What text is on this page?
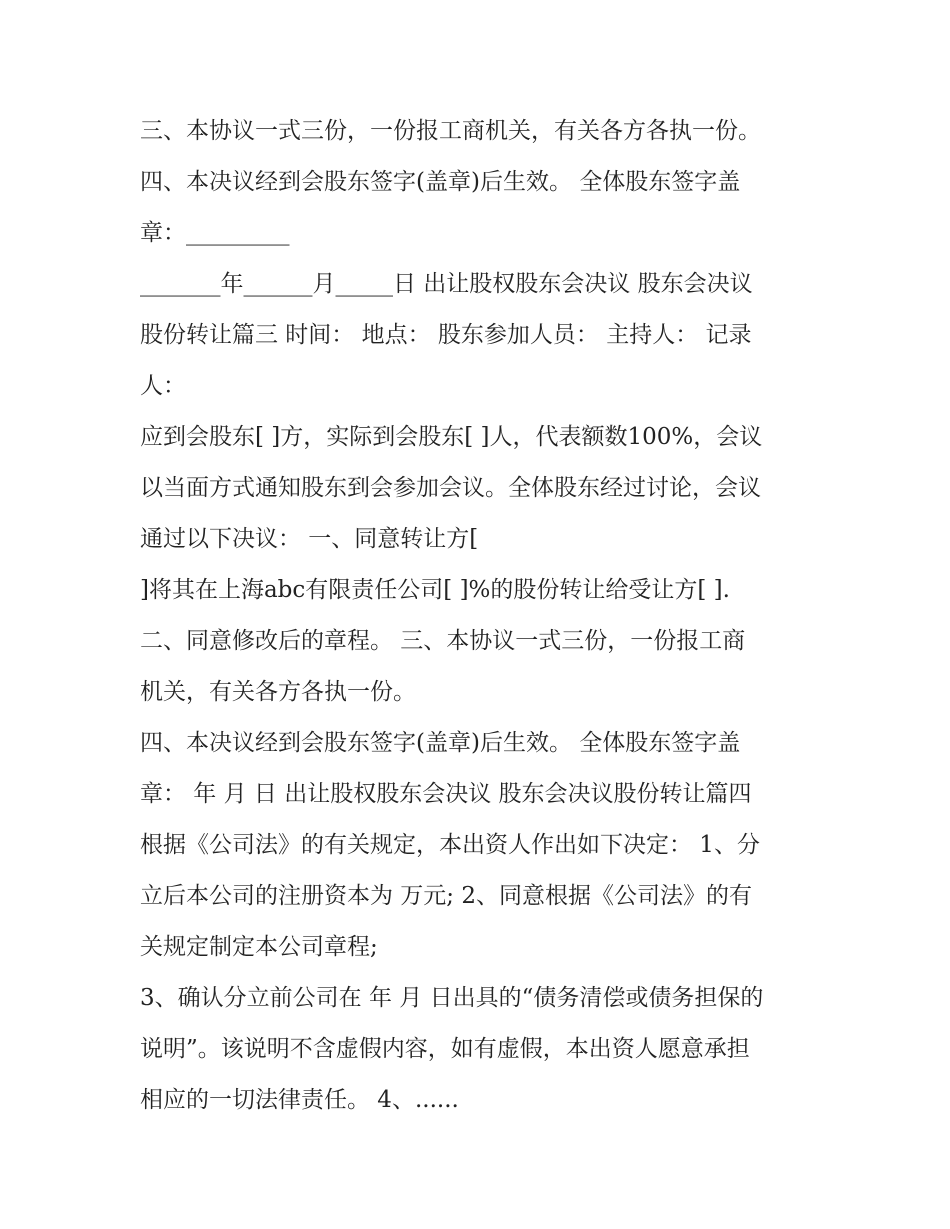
三、本协议一式三份，一份报工商机关，有关各方各执一份。
四、本决议经到会股东签字(盖章)后生效。 全体股东签字盖
章：_________
_______年______月_____日 出让股权股东会决议 股东会决议
股份转让篇三 时间： 地点： 股东参加人员： 主持人： 记录
人：
应到会股东[ ]方，实际到会股东[ ]人，代表额数100%，会议
以当面方式通知股东到会参加会议。全体股东经过讨论，会议
通过以下决议： 一、同意转让方[
]将其在上海abc有限责任公司[ ]%的股份转让给受让方[ ].
二、同意修改后的章程。 三、本协议一式三份，一份报工商
机关，有关各方各执一份。
四、本决议经到会股东签字(盖章)后生效。 全体股东签字盖
章： 年 月 日 出让股权股东会决议 股东会决议股份转让篇四
根据《公司法》的有关规定，本出资人作出如下决定： 1、分
立后本公司的注册资本为 万元; 2、同意根据《公司法》的有
关规定制定本公司章程;
3、确认分立前公司在 年 月 日出具的“债务清偿或债务担保的
说明”。该说明不含虚假内容，如有虚假，本出资人愿意承担
相应的一切法律责任。 4、......
